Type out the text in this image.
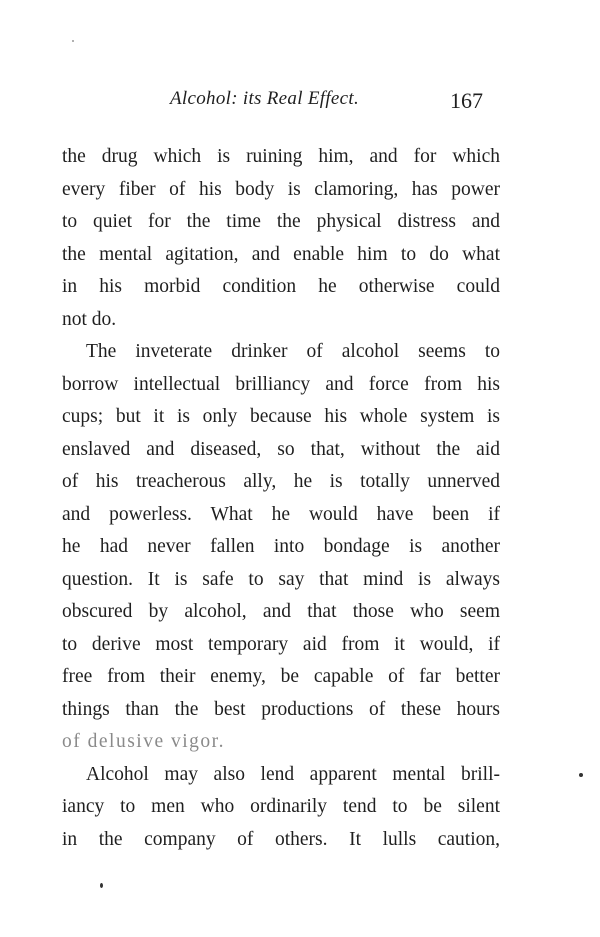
Alcohol: its Real Effect.	167
the drug which is ruining him, and for which
every fiber of his body is clamoring, has power
to quiet for the time the physical distress and
the mental agitation, and enable him to do what
in his morbid condition he otherwise could
not do.
The inveterate drinker of alcohol seems to
borrow intellectual brilliancy and force from his
cups; but it is only because his whole system is
enslaved and diseased, so that, without the aid
of his treacherous ally, he is totally unnerved
and powerless. What he would have been if
he had never fallen into bondage is another
question. It is safe to say that mind is always
obscured by alcohol, and that those who seem
to derive most temporary aid from it would, if
free from their enemy, be capable of far better
things than the best productions of these hours
of delusive vigor.
Alcohol may also lend apparent mental brill-
iancy to men who ordinarily tend to be silent
in the company of others. It lulls caution,
